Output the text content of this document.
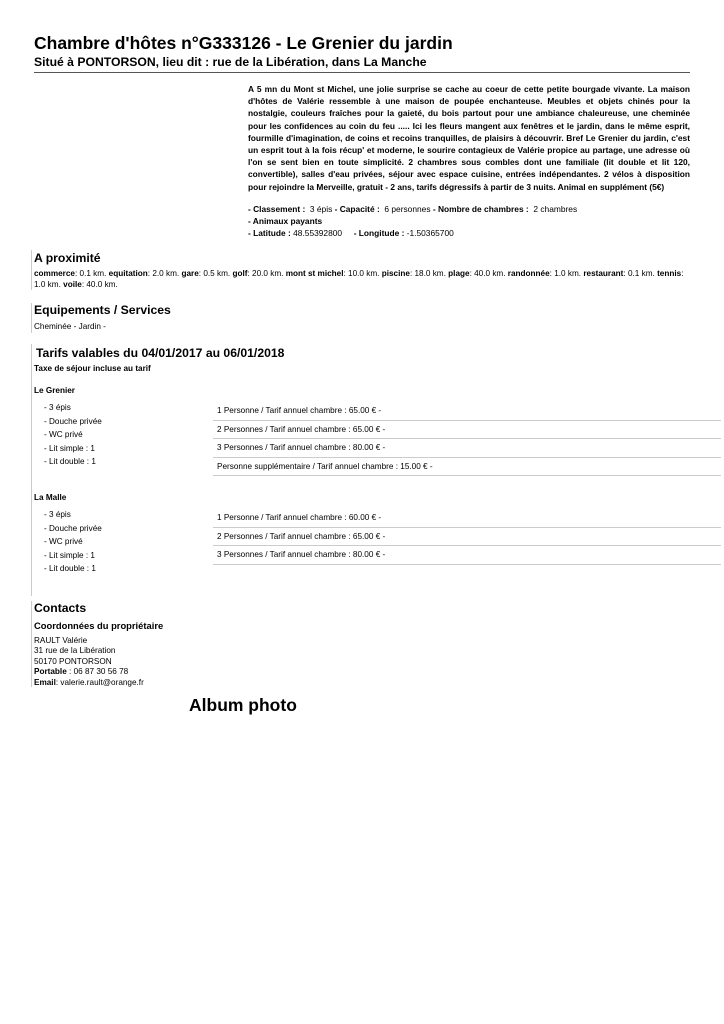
Chambre d'hôtes n°G333126 - Le Grenier du jardin
Situé à PONTORSON, lieu dit : rue de la Libération, dans La Manche
A 5 mn du Mont st Michel, une jolie surprise se cache au coeur de cette petite bourgade vivante. La maison d'hôtes de Valérie ressemble à une maison de poupée enchanteuse. Meubles et objets chinés pour la nostalgie, couleurs fraîches pour la gaieté, du bois partout pour une ambiance chaleureuse, une cheminée pour les confidences au coin du feu ..... Ici les fleurs mangent aux fenêtres et le jardin, dans le même esprit, fourmille d'imagination, de coins et recoins tranquilles, de plaisirs à découvrir. Bref Le Grenier du jardin, c'est un esprit tout à la fois récup' et moderne, le sourire contagieux de Valérie propice au partage, une adresse où l'on se sent bien en toute simplicité. 2 chambres sous combles dont une familiale (lit double et lit 120, convertible), salles d'eau privées, séjour avec espace cuisine, entrées indépendantes. 2 vélos à disposition pour rejoindre la Merveille, gratuit - 2 ans, tarifs dégressifs à partir de 3 nuits. Animal en supplément (5€)
- Classement : 3 épis - Capacité : 6 personnes - Nombre de chambres : 2 chambres
- Animaux payants
- Latitude : 48.55392800 - Longitude : -1.50365700
A proximité
commerce: 0.1 km. equitation: 2.0 km. gare: 0.5 km. golf: 20.0 km. mont st michel: 10.0 km. piscine: 18.0 km. plage: 40.0 km. randonnée: 1.0 km. restaurant: 0.1 km. tennis: 1.0 km. voile: 40.0 km.
Equipements / Services
Cheminée - Jardin -
Tarifs valables du 04/01/2017 au 06/01/2018
Taxe de séjour incluse au tarif
Le Grenier
- 3 épis
- Douche privée
- WC privé
- Lit simple : 1
- Lit double : 1
1 Personne / Tarif annuel chambre : 65.00 € -
2 Personnes / Tarif annuel chambre : 65.00 € -
3 Personnes / Tarif annuel chambre : 80.00 € -
Personne supplémentaire / Tarif annuel chambre : 15.00 € -
La Malle
- 3 épis
- Douche privée
- WC privé
- Lit simple : 1
- Lit double : 1
1 Personne / Tarif annuel chambre : 60.00 € -
2 Personnes / Tarif annuel chambre : 65.00 € -
3 Personnes / Tarif annuel chambre : 80.00 € -
Contacts
Coordonnées du propriétaire
RAULT Valérie
31 rue de la Libération
50170 PONTORSON
Portable : 06 87 30 56 78
Email: valerie.rault@orange.fr
Album photo
